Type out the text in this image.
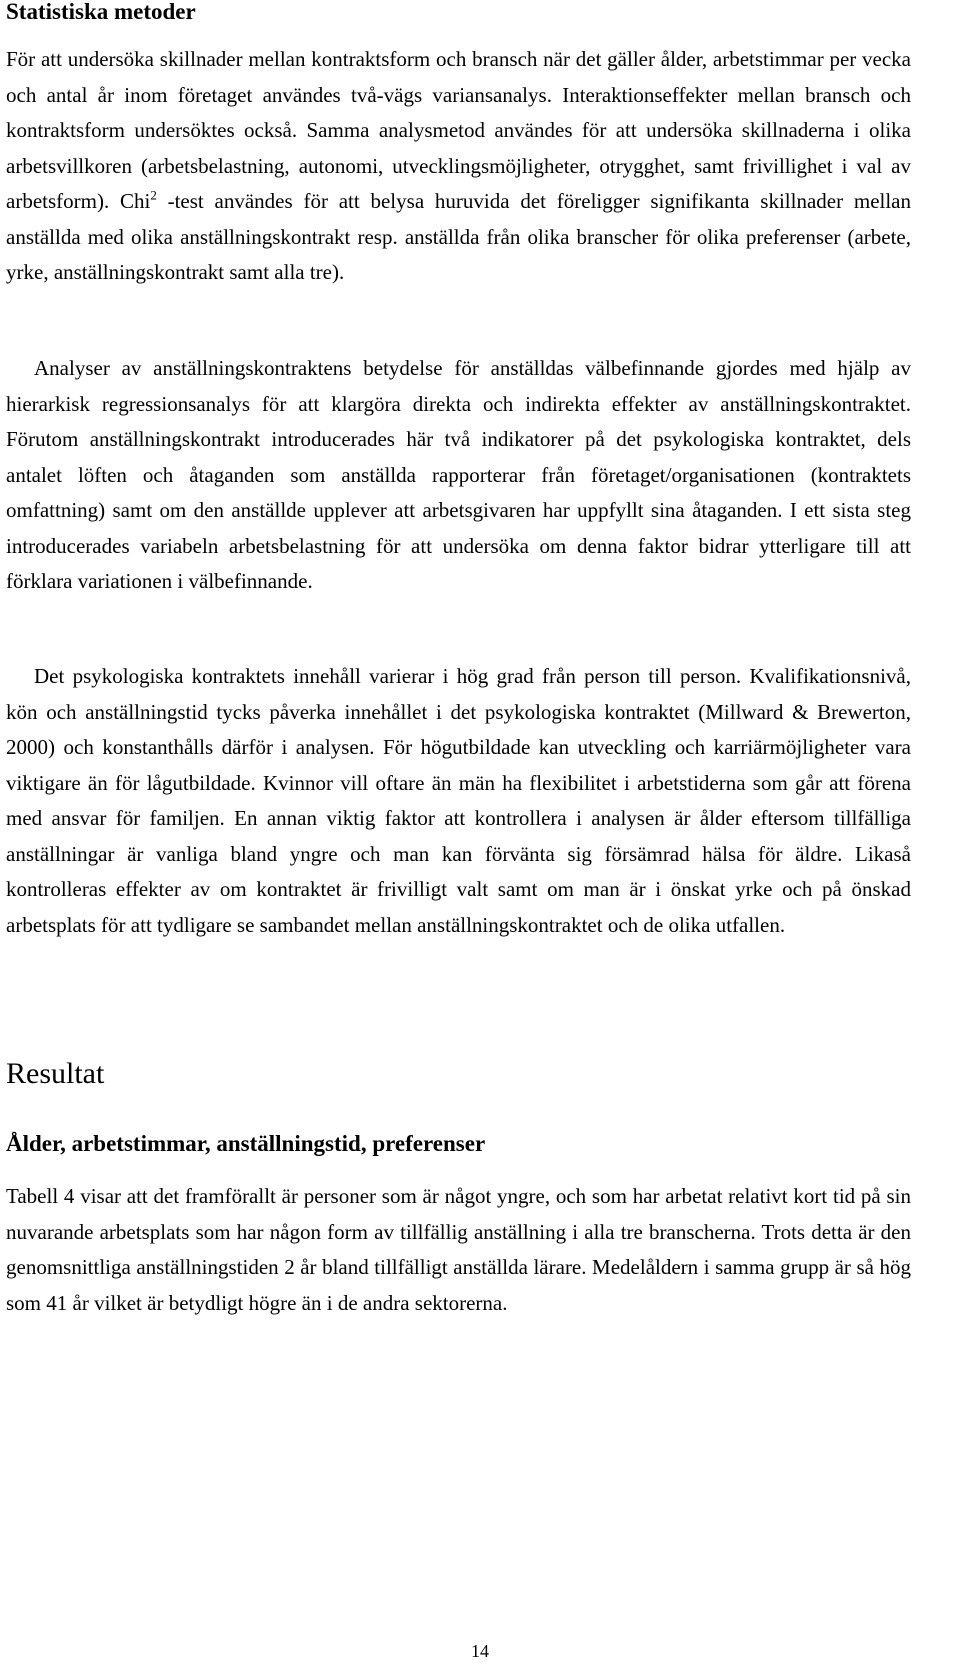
Statistiska metoder

För att undersöka skillnader mellan kontraktsform och bransch när det gäller ålder, arbetstimmar per vecka och antal år inom företaget användes två-vägs variansanalys. Interaktionseffekter mellan bransch och kontraktsform undersöktes också. Samma analysmetod användes för att undersöka skillnaderna i olika arbetsvillkoren (arbetsbelastning, autonomi, utvecklingsmöjligheter, otrygghet, samt frivillighet i val av arbetsform). Chi$^2$ -test användes för att belysa huruvida det föreligger signifikanta skillnader mellan anställda med olika anställningskontrakt resp. anställda från olika branscher för olika preferenser (arbete, yrke, anställningskontrakt samt alla tre).

Analyser av anställningskontraktens betydelse för anställdas välbefinnande gjordes med hjälp av hierarkisk regressionsanalys för att klargöra direkta och indirekta effekter av anställningskontraktet. Förutom anställningskontrakt introducerades här två indikatorer på det psykologiska kontraktet, dels antalet löften och åtaganden som anställda rapporterar från företaget/organisationen (kontraktets omfattning) samt om den anställde upplever att arbetsgivaren har uppfyllt sina åtaganden. I ett sista steg introducerades variabeln arbetsbelastning för att undersöka om denna faktor bidrar ytterligare till att förklara variationen i välbefinnande.

Det psykologiska kontraktets innehåll varierar i hög grad från person till person. Kvalifikationsnivå, kön och anställningstid tycks påverka innehållet i det psykologiska kontraktet (Millward & Brewerton, 2000) och konstanthålls därför i analysen. För högutbildade kan utveckling och karriärmöjligheter vara viktigare än för lågutbildade. Kvinnor vill oftare än män ha flexibilitet i arbetstiderna som går att förena med ansvar för familjen. En annan viktig faktor att kontrollera i analysen är ålder eftersom tillfälliga anställningar är vanliga bland yngre och man kan förvänta sig försämrad hälsa för äldre. Likaså kontrolleras effekter av om kontraktet är frivilligt valt samt om man är i önskat yrke och på önskad arbetsplats för att tydligare se sambandet mellan anställningskontraktet och de olika utfallen.

Resultat
Ålder, arbetstimmar, anställningstid, preferenser

Tabell 4 visar att det framförallt är personer som är något yngre, och som har arbetat relativt kort tid på sin nuvarande arbetsplats som har någon form av tillfällig anställning i alla tre branscherna. Trots detta är den genomsnittliga anställningstiden 2 år bland tillfälligt anställda lärare. Medelåldern i samma grupp är så hög som 41 år vilket är betydligt högre än i de andra sektorerna.

14
